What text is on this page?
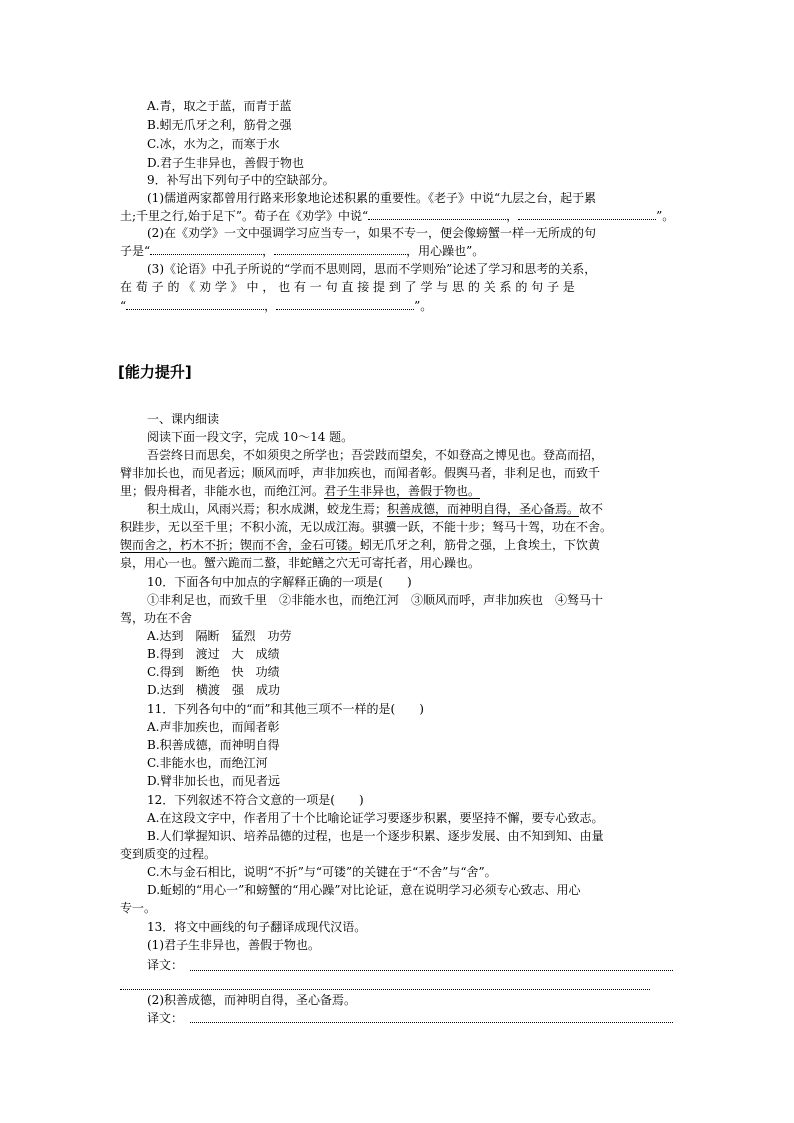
A.青，取之于蓝，而青于蓝
B.蚓无爪牙之利，筋骨之强
C.冰，水为之，而寒于水
D.君子生非异也，善假于物也
9．补写出下列句子中的空缺部分。
(1)儒道两家都曾用行路来形象地论述积累的重要性。《老子》中说“九层之台，起于累
土;千里之行,始于足下”。荀子在《劝学》中说“	，	”。
(2)在《劝学》一文中强调学习应当专一，如果不专一，便会像螃蟹一样一无所成的句
子是“	，	，用心躁也”。
(3)《论语》中孔子所说的“学而不思则罔，思而不学则殆”论述了学习和思考的关系，
在 荀 子 的 《 劝 学 》 中 ， 也 有 一 句 直 接 提 到 了 学 与 思 的 关 系 的 句 子 是
“	，	”。
[能力提升]
一、课内细读
阅读下面一段文字，完成 10～14 题。
吾尝终日而思矣，不如须臾之所学也；吾尝跂而望矣，不如登高之博见也。登高而招，
臂非加长也，而见者远；顺风而呼，声非加疾也，而闻者彰。假舆马者，非利足也，而致千
里；假舟楫者，非能水也，而绝江河。君子生非异也，善假于物也。
积土成山，风雨兴焉；积水成渊，蛟龙生焉；积善成德，而神明自得，圣心备焉。故不
积跬步，无以至千里；不积小流，无以成江海。骐骥一跃，不能十步；驽马十驾，功在不舍。
锲而舍之，朽木不折；锲而不舍，金石可镂。蚓无爪牙之利，筋骨之强，上食埃土，下饮黄
泉，用心一也。蟹六跪而二螯，非蛇鳝之穴无可寄托者，用心躁也。
10．下面各句中加点的字解释正确的一项是(　　)
①非利足也，而致千里　②非能水也，而绝江河　③顺风而呼，声非加疾也　④驽马十
驾，功在不舍
A.达到　隔断　猛烈　功劳
B.得到　渡过　大　成绩
C.得到　断绝　快　功绩
D.达到　横渡　强　成功
11．下列各句中的“而”和其他三项不一样的是(　　)
A.声非加疾也，而闻者彰
B.积善成德，而神明自得
C.非能水也，而绝江河
D.臂非加长也，而见者远
12．下列叙述不符合文意的一项是(　　)
A.在这段文字中，作者用了十个比喻论证学习要逐步积累，要坚持不懈，要专心致志。
B.人们掌握知识、培养品德的过程，也是一个逐步积累、逐步发展、由不知到知、由量
变到质变的过程。
C.木与金石相比，说明“不折”与“可镂”的关键在于“不舍”与“舍”。
D.蚯蚓的“用心一”和螃蟹的“用心躁”对比论证，意在说明学习必须专心致志、用心
专一。
13．将文中画线的句子翻译成现代汉语。
(1)君子生非异也，善假于物也。
译文：
(2)积善成德，而神明自得，圣心备焉。
译文：
